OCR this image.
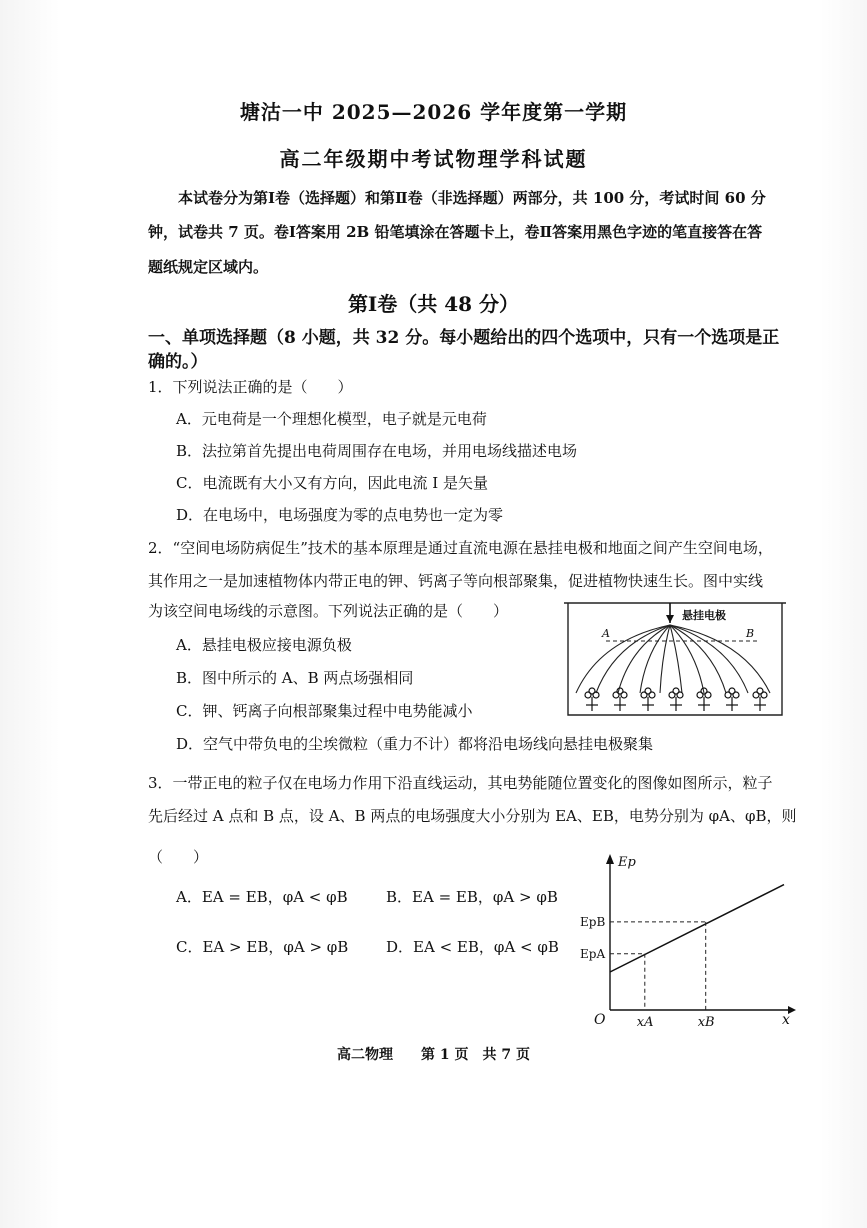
塘沽一中 2025—2026 学年度第一学期
高二年级期中考试物理学科试题
本试卷分为第Ⅰ卷（选择题）和第Ⅱ卷（非选择题）两部分，共 100 分，考试时间 60 分
钟，试卷共 7 页。卷Ⅰ答案用 2B 铅笔填涂在答题卡上，卷Ⅱ答案用黑色字迹的笔直接答在答
题纸规定区域内。
第Ⅰ卷（共 48 分）
一、单项选择题（8 小题，共 32 分。每小题给出的四个选项中，只有一个选项是正
确的。）
1．下列说法正确的是（　　）
A．元电荷是一个理想化模型，电子就是元电荷
B．法拉第首先提出电荷周围存在电场，并用电场线描述电场
C．电流既有大小又有方向，因此电流 I 是矢量
D．在电场中，电场强度为零的点电势也一定为零
2．“空间电场防病促生”技术的基本原理是通过直流电源在悬挂电极和地面之间产生空间电场，
其作用之一是加速植物体内带正电的钾、钙离子等向根部聚集，促进植物快速生长。图中实线
为该空间电场线的示意图。下列说法正确的是（　　）
A．悬挂电极应接电源负极
B．图中所示的 A、B 两点场强相同
C．钾、钙离子向根部聚集过程中电势能减小
D．空气中带负电的尘埃微粒（重力不计）都将沿电场线向悬挂电极聚集
悬挂电极
A	B
3．一带正电的粒子仅在电场力作用下沿直线运动，其电势能随位置变化的图像如图所示，粒子
先后经过 A 点和 B 点，设 A、B 两点的电场强度大小分别为 EA、EB，电势分别为 φA、φB，则
（　　）
A．EA = EB，φA < φB	B．EA = EB，φA > φB
C．EA > EB，φA > φB	D．EA < EB，φA < φB
Ep
x
O
EpB
EpA
xA	xB
高二物理　　第 1 页　共 7 页
